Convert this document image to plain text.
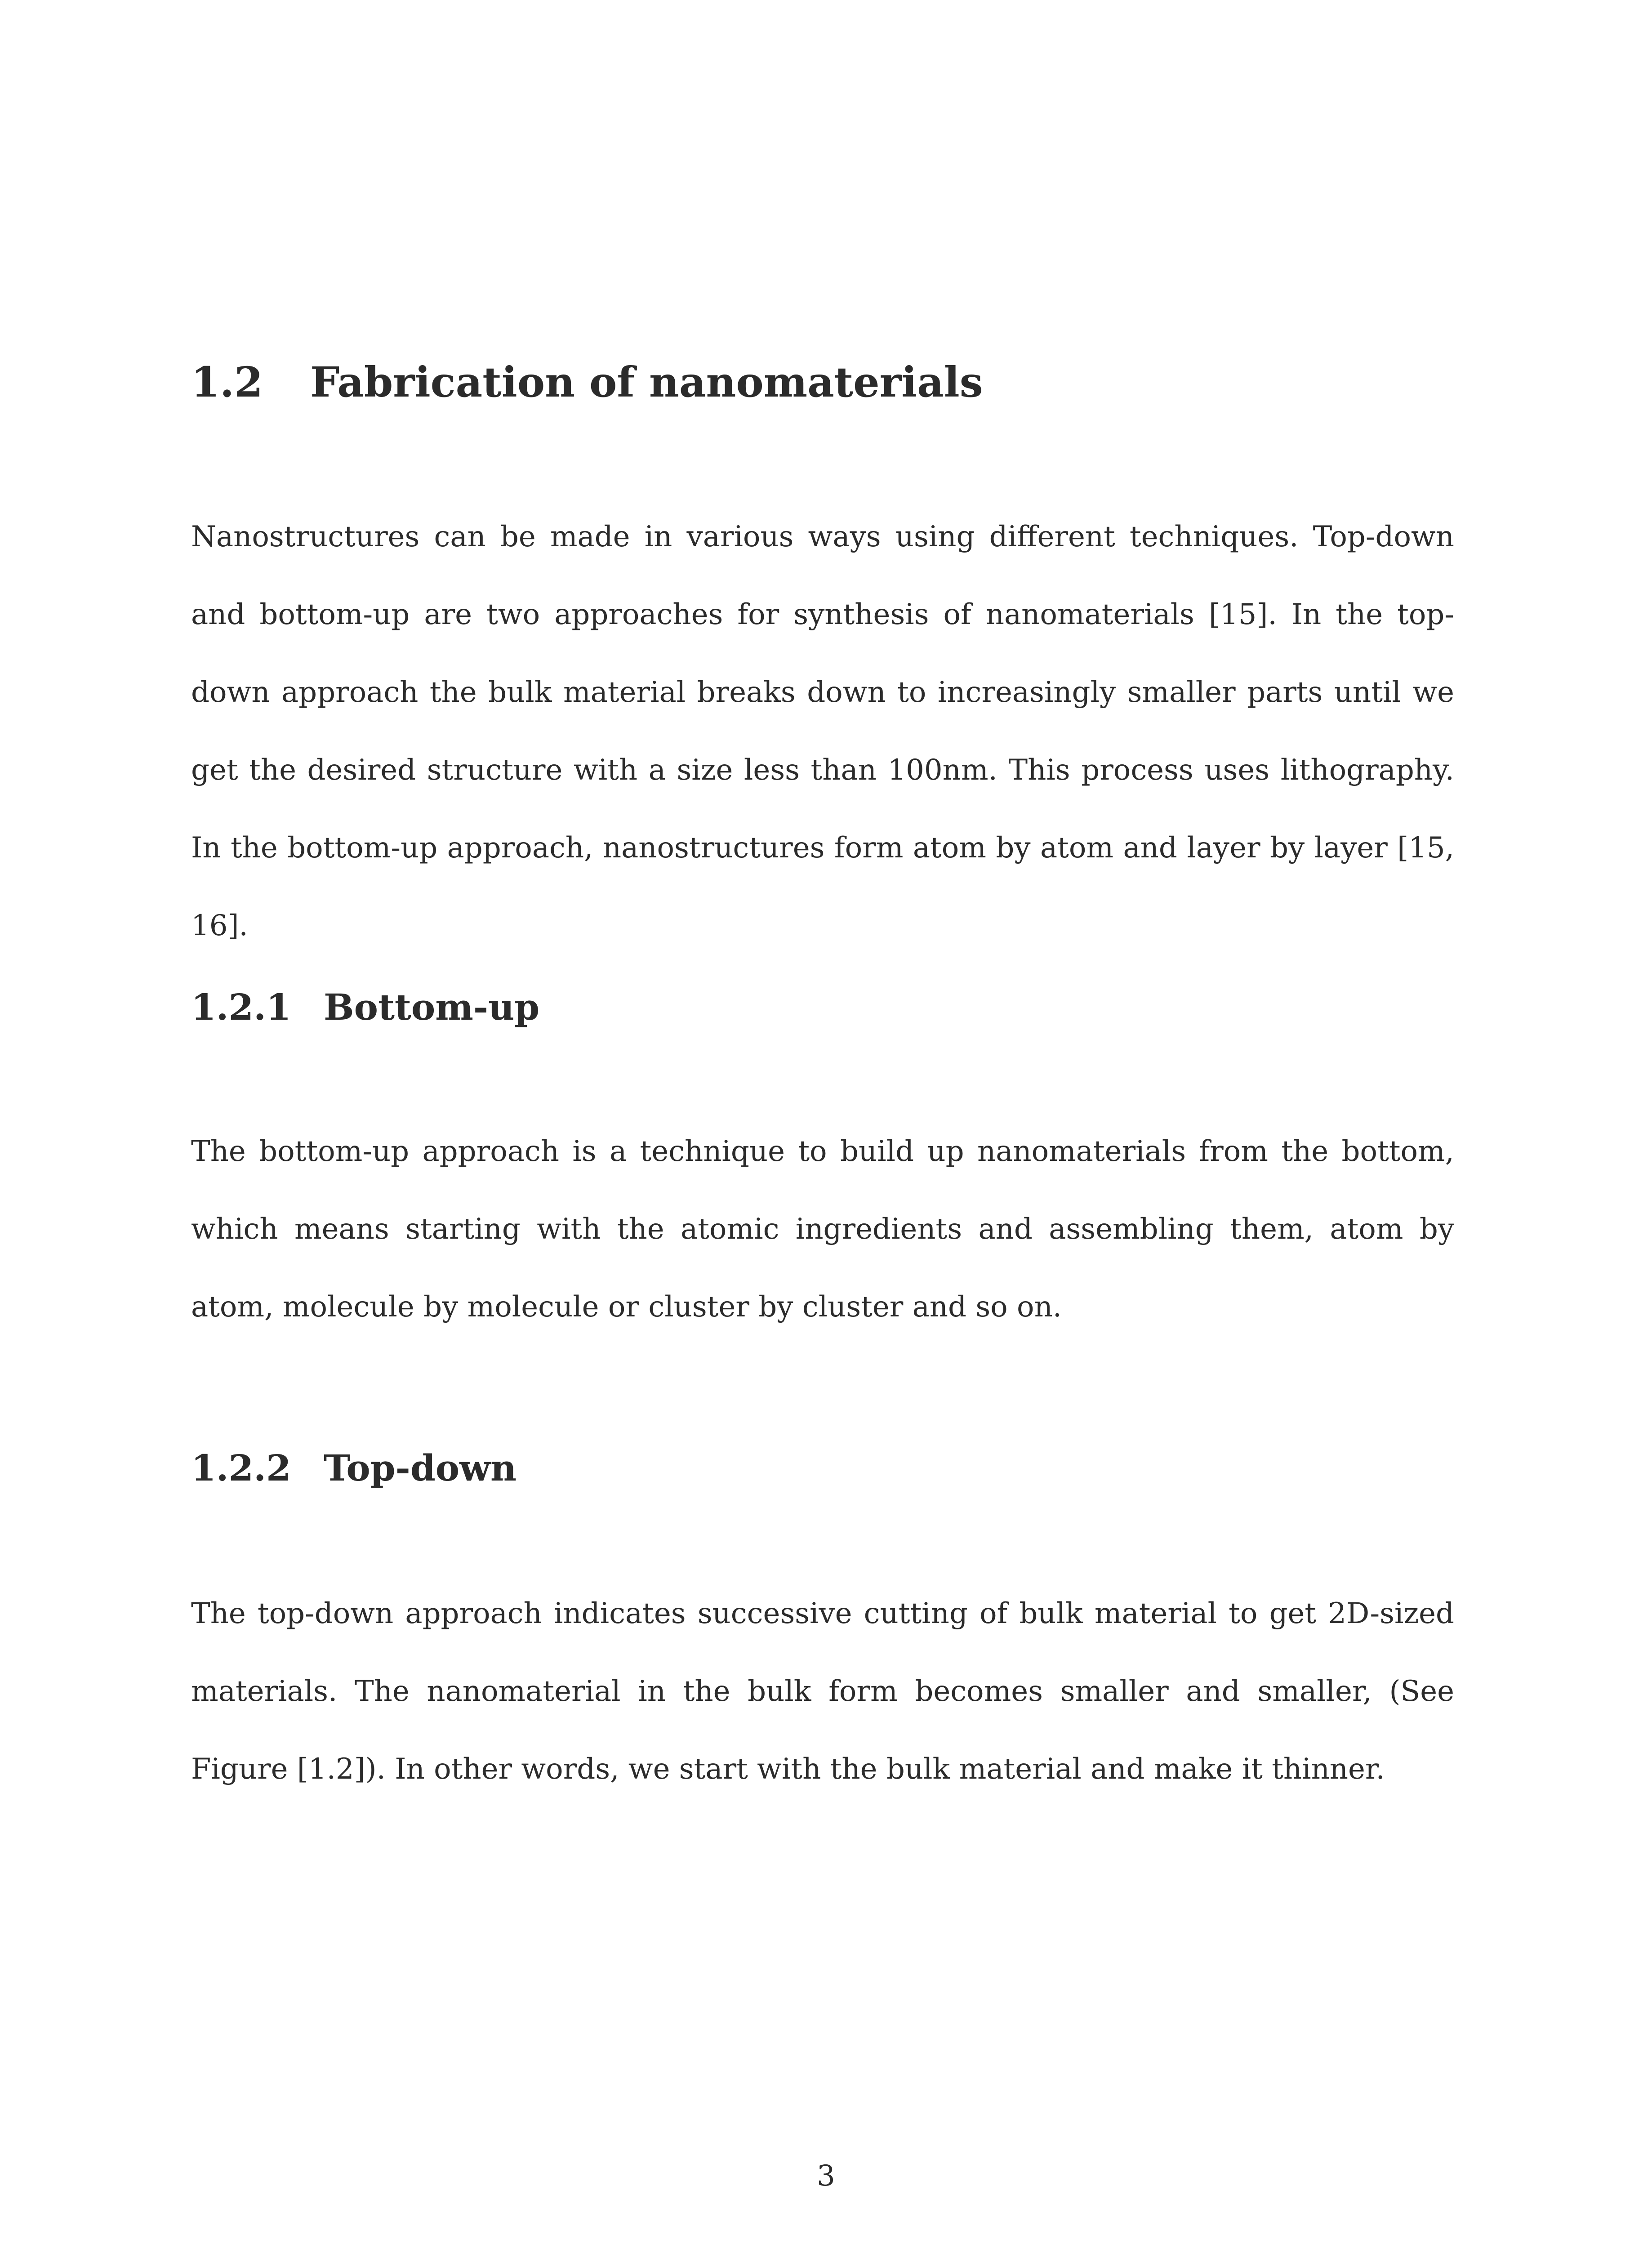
1.2 Fabrication of nanomaterials

Nanostructures can be made in various ways using different techniques. Top-down and bottom-up are two approaches for synthesis of nanomaterials [15]. In the top-down approach the bulk material breaks down to increasingly smaller parts until we get the desired structure with a size less than 100nm. This process uses lithography. In the bottom-up approach, nanostructures form atom by atom and layer by layer [15, 16].

1.2.1 Bottom-up

The bottom-up approach is a technique to build up nanomaterials from the bottom, which means starting with the atomic ingredients and assembling them, atom by atom, molecule by molecule or cluster by cluster and so on.

1.2.2 Top-down

The top-down approach indicates successive cutting of bulk material to get 2D-sized materials. The nanomaterial in the bulk form becomes smaller and smaller, (See Figure [1.2]). In other words, we start with the bulk material and make it thinner.

3
